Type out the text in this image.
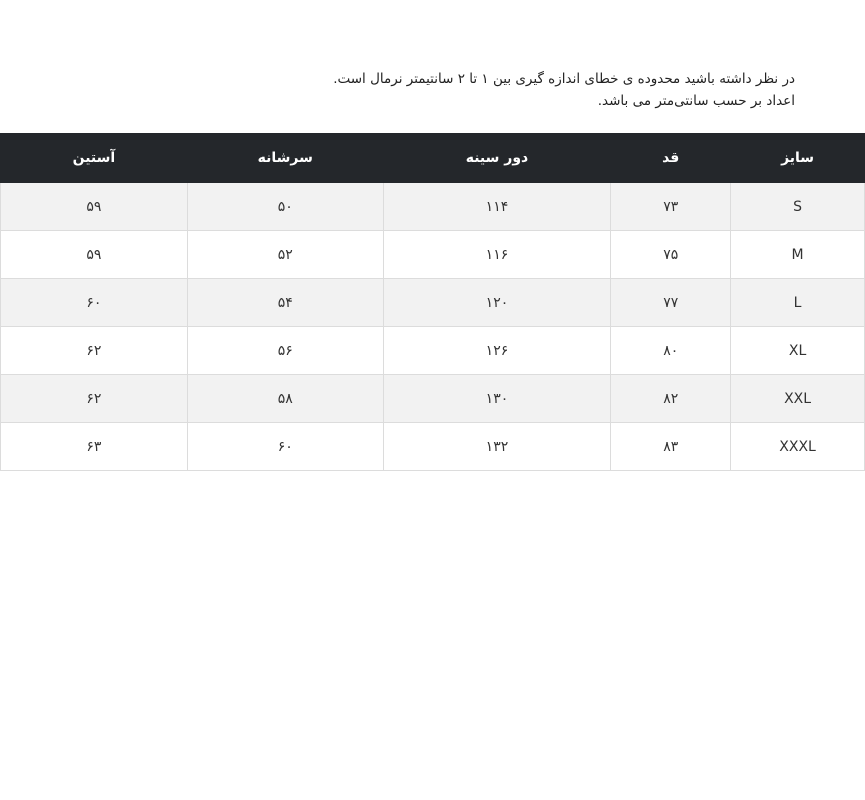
در نظر داشته باشید محدوده ی خطای اندازه گیری بین ۱ تا ۲ سانتیمتر نرمال است.
اعداد بر حسب سانتی‌متر می باشد.
سایز	قد	دور سینه	سرشانه	آستین
S	۷۳	۱۱۴	۵۰	۵۹
M	۷۵	۱۱۶	۵۲	۵۹
L	۷۷	۱۲۰	۵۴	۶۰
XL	۸۰	۱۲۶	۵۶	۶۲
XXL	۸۲	۱۳۰	۵۸	۶۲
XXXL	۸۳	۱۳۲	۶۰	۶۳
